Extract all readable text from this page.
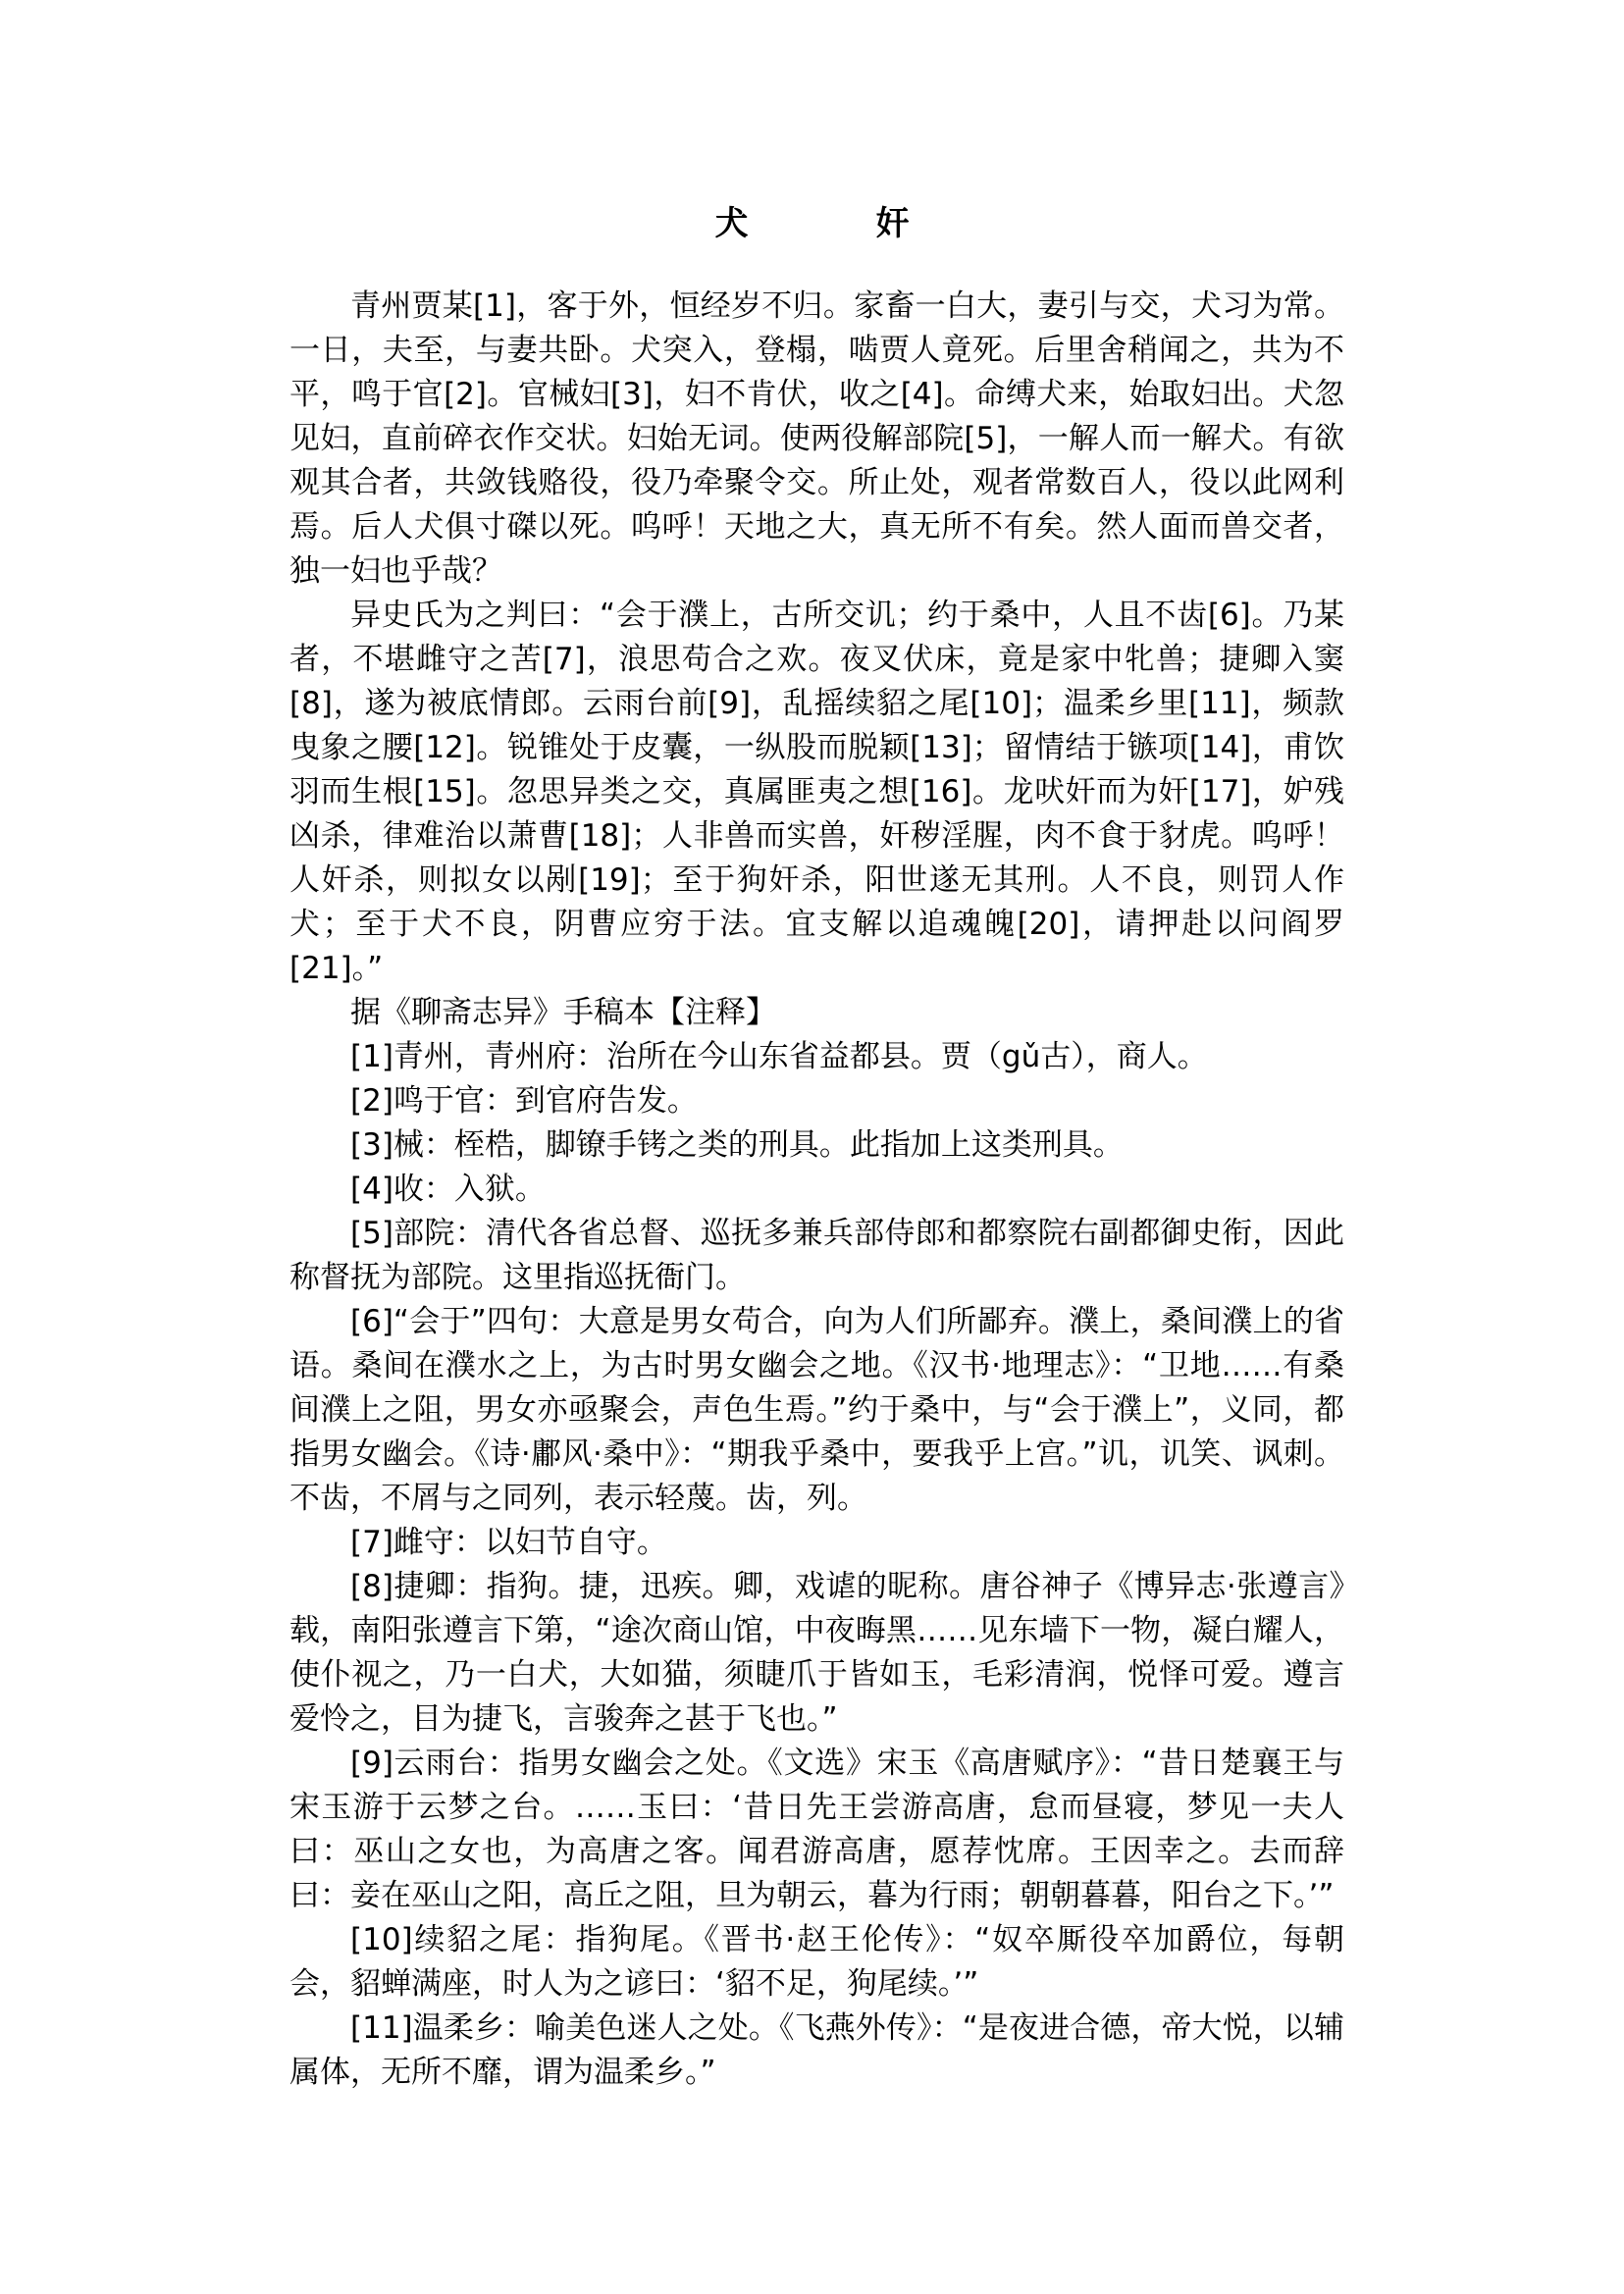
犬　奸

青州贾某[1]，客于外，恒经岁不归。家畜一白大，妻引与交，犬习为常。一日，夫至，与妻共卧。犬突入，登榻，啮贾人竟死。后里舍稍闻之，共为不平，鸣于官[2]。官械妇[3]，妇不肯伏，收之[4]。命缚犬来，始取妇出。犬忽见妇，直前碎衣作交状。妇始无词。使两役解部院[5]，一解人而一解犬。有欲观其合者，共敛钱赂役，役乃牵聚令交。所止处，观者常数百人，役以此网利焉。后人犬俱寸磔以死。呜呼！天地之大，真无所不有矣。然人面而兽交者，独一妇也乎哉？

异史氏为之判曰：“会于濮上，古所交讥；约于桑中，人且不齿[6]。乃某者，不堪雌守之苦[7]，浪思苟合之欢。夜叉伏床，竟是家中牝兽；捷卿入窦[8]，遂为被底情郎。云雨台前[9]，乱摇续貂之尾[10]；温柔乡里[11]，频款曳象之腰[12]。锐锥处于皮囊，一纵股而脱颖[13]；留情结于镞项[14]，甫饮羽而生根[15]。忽思异类之交，真属匪夷之想[16]。龙吠奸而为奸[17]，妒残凶杀，律难治以萧曹[18]；人非兽而实兽，奸秽淫腥，肉不食于豺虎。呜呼！人奸杀，则拟女以剐[19]；至于狗奸杀，阳世遂无其刑。人不良，则罚人作犬；至于犬不良，阴曹应穷于法。宜支解以追魂魄[20]，请押赴以问阎罗[21]。”

据《聊斋志异》手稿本【注释】

[1]青州，青州府：治所在今山东省益都县。贾（gǔ古），商人。

[2]鸣于官：到官府告发。

[3]械：桎梏，脚镣手铐之类的刑具。此指加上这类刑具。

[4]收：入狱。

[5]部院：清代各省总督、巡抚多兼兵部侍郎和都察院右副都御史衔，因此称督抚为部院。这里指巡抚衙门。

[6]“会于”四句：大意是男女苟合，向为人们所鄙弃。濮上，桑间濮上的省语。桑间在濮水之上，为古时男女幽会之地。《汉书·地理志》：“卫地……有桑间濮上之阻，男女亦亟聚会，声色生焉。”约于桑中，与“会于濮上”，义同，都指男女幽会。《诗·鄘风·桑中》：“期我乎桑中，要我乎上宫。”讥，讥笑、讽刺。不齿，不屑与之同列，表示轻蔑。齿，列。

[7]雌守：以妇节自守。

[8]捷卿：指狗。捷，迅疾。卿，戏谑的昵称。唐谷神子《博异志·张遵言》载，南阳张遵言下第，“途次商山馆，中夜晦黑……见东墙下一物，凝白耀人，使仆视之，乃一白犬，大如猫，须睫爪于皆如玉，毛彩清润，悦怿可爱。遵言爱怜之，目为捷飞，言骏奔之甚于飞也。”

[9]云雨台：指男女幽会之处。《文选》宋玉《高唐赋序》：“昔日楚襄王与宋玉游于云梦之台。……玉曰：‘昔日先王尝游高唐，怠而昼寝，梦见一夫人曰：巫山之女也，为高唐之客。闻君游高唐，愿荐忱席。王因幸之。去而辞曰：妾在巫山之阳，高丘之阻，旦为朝云，暮为行雨；朝朝暮暮，阳台之下。’”

[10]续貂之尾：指狗尾。《晋书·赵王伦传》：“奴卒厮役卒加爵位，每朝会，貂蝉满座，时人为之谚曰：‘貂不足，狗尾续。’”

[11]温柔乡：喻美色迷人之处。《飞燕外传》：“是夜进合德，帝大悦，以辅属体，无所不靡，谓为温柔乡。”
